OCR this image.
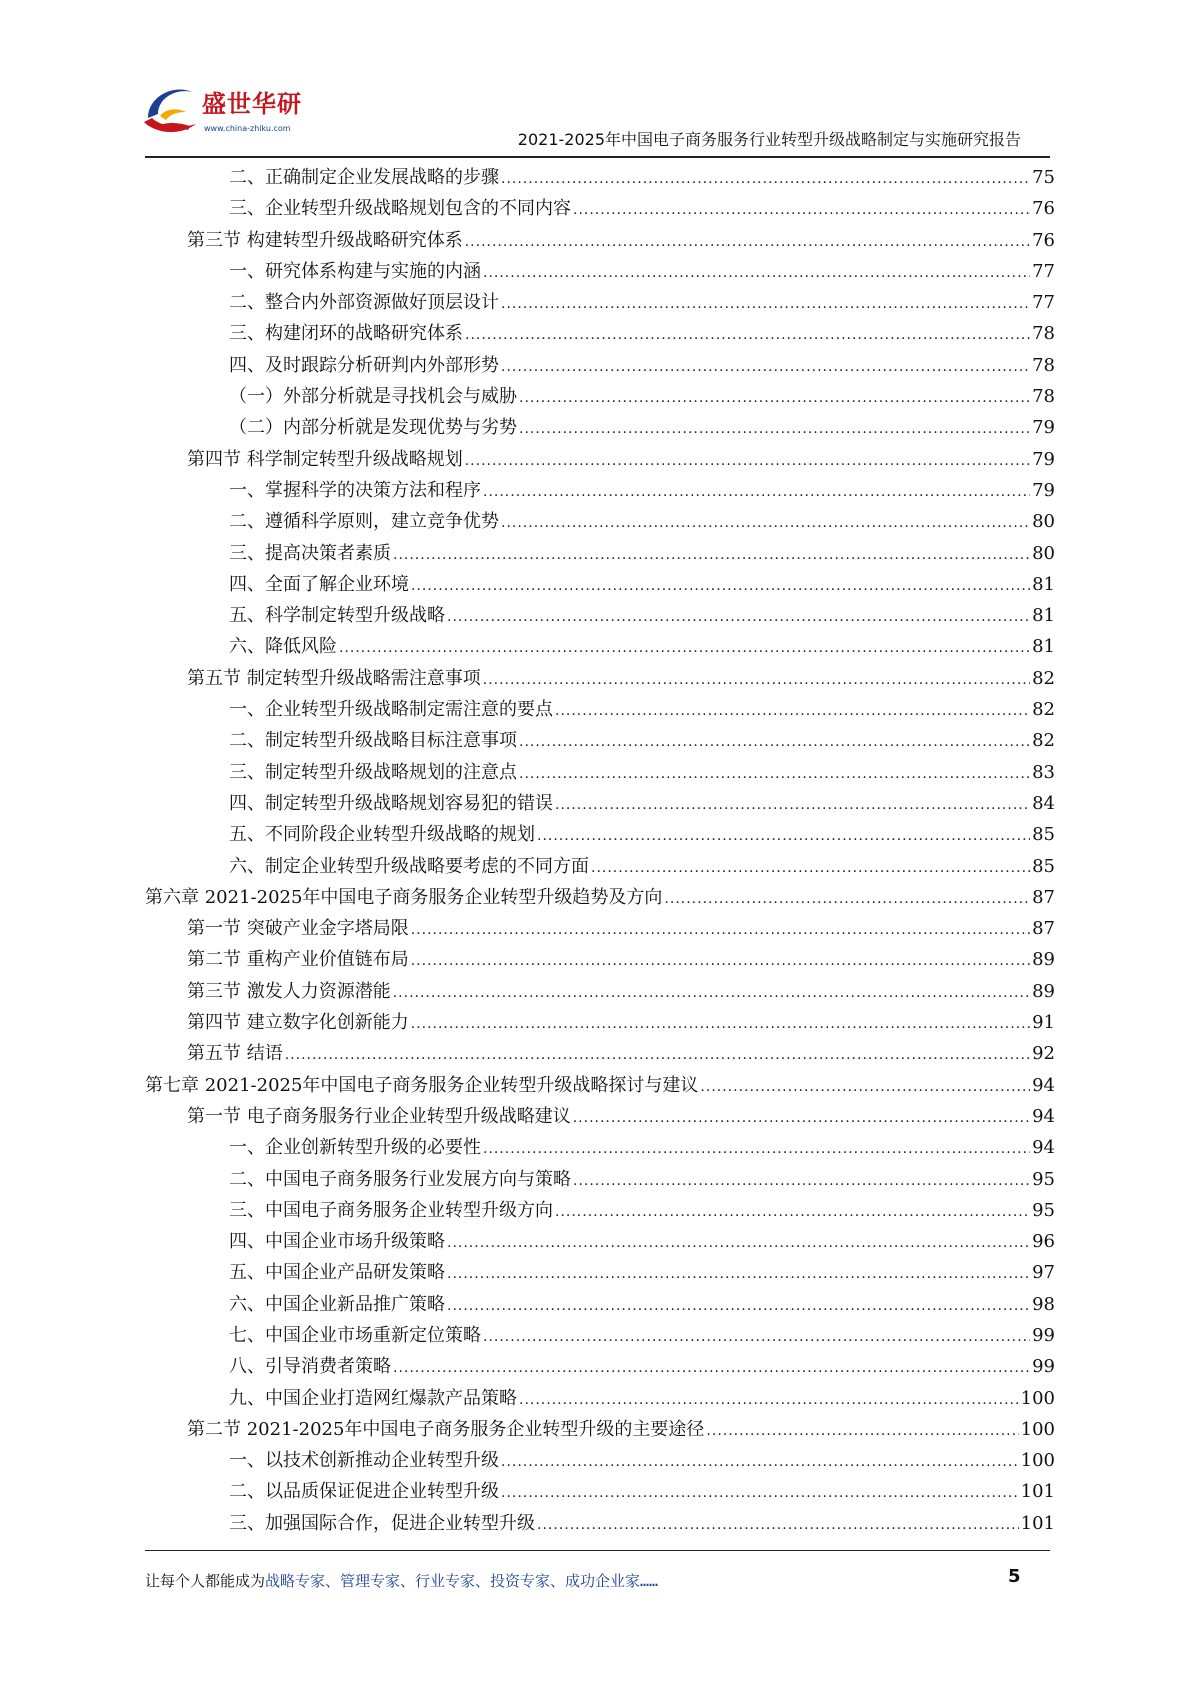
盛世华研
www.china-zhiku.com
2021-2025年中国电子商务服务行业转型升级战略制定与实施研究报告
二、正确制定企业发展战略的步骤 .....	75
三、企业转型升级战略规划包含的不同内容 .....	76
第三节 构建转型升级战略研究体系 .....	76
一、研究体系构建与实施的内涵 .....	77
二、整合内外部资源做好顶层设计 .....	77
三、构建闭环的战略研究体系 .....	78
四、及时跟踪分析研判内外部形势 .....	78
（一）外部分析就是寻找机会与威胁 .....	78
（二）内部分析就是发现优势与劣势 .....	79
第四节 科学制定转型升级战略规划 .....	79
一、掌握科学的决策方法和程序 .....	79
二、遵循科学原则，建立竞争优势 .....	80
三、提高决策者素质 .....	80
四、全面了解企业环境 .....	81
五、科学制定转型升级战略 .....	81
六、降低风险 .....	81
第五节 制定转型升级战略需注意事项 .....	82
一、企业转型升级战略制定需注意的要点 .....	82
二、制定转型升级战略目标注意事项 .....	82
三、制定转型升级战略规划的注意点 .....	83
四、制定转型升级战略规划容易犯的错误 .....	84
五、不同阶段企业转型升级战略的规划 .....	85
六、制定企业转型升级战略要考虑的不同方面 .....	85
第六章 2021-2025年中国电子商务服务企业转型升级趋势及方向 .....	87
第一节 突破产业金字塔局限 .....	87
第二节 重构产业价值链布局 .....	89
第三节 激发人力资源潜能 .....	89
第四节 建立数字化创新能力 .....	91
第五节 结语 .....	92
第七章 2021-2025年中国电子商务服务企业转型升级战略探讨与建议 .....	94
第一节 电子商务服务行业企业转型升级战略建议 .....	94
一、企业创新转型升级的必要性 .....	94
二、中国电子商务服务行业发展方向与策略 .....	95
三、中国电子商务服务企业转型升级方向 .....	95
四、中国企业市场升级策略 .....	96
五、中国企业产品研发策略 .....	97
六、中国企业新品推广策略 .....	98
七、中国企业市场重新定位策略 .....	99
八、引导消费者策略 .....	99
九、中国企业打造网红爆款产品策略 .....	100
第二节 2021-2025年中国电子商务服务企业转型升级的主要途径 .....	100
一、以技术创新推动企业转型升级 .....	100
二、以品质保证促进企业转型升级 .....	101
三、加强国际合作，促进企业转型升级 .....	101
让每个人都能成为战略专家、管理专家、行业专家、投资专家、成功企业家……	5
